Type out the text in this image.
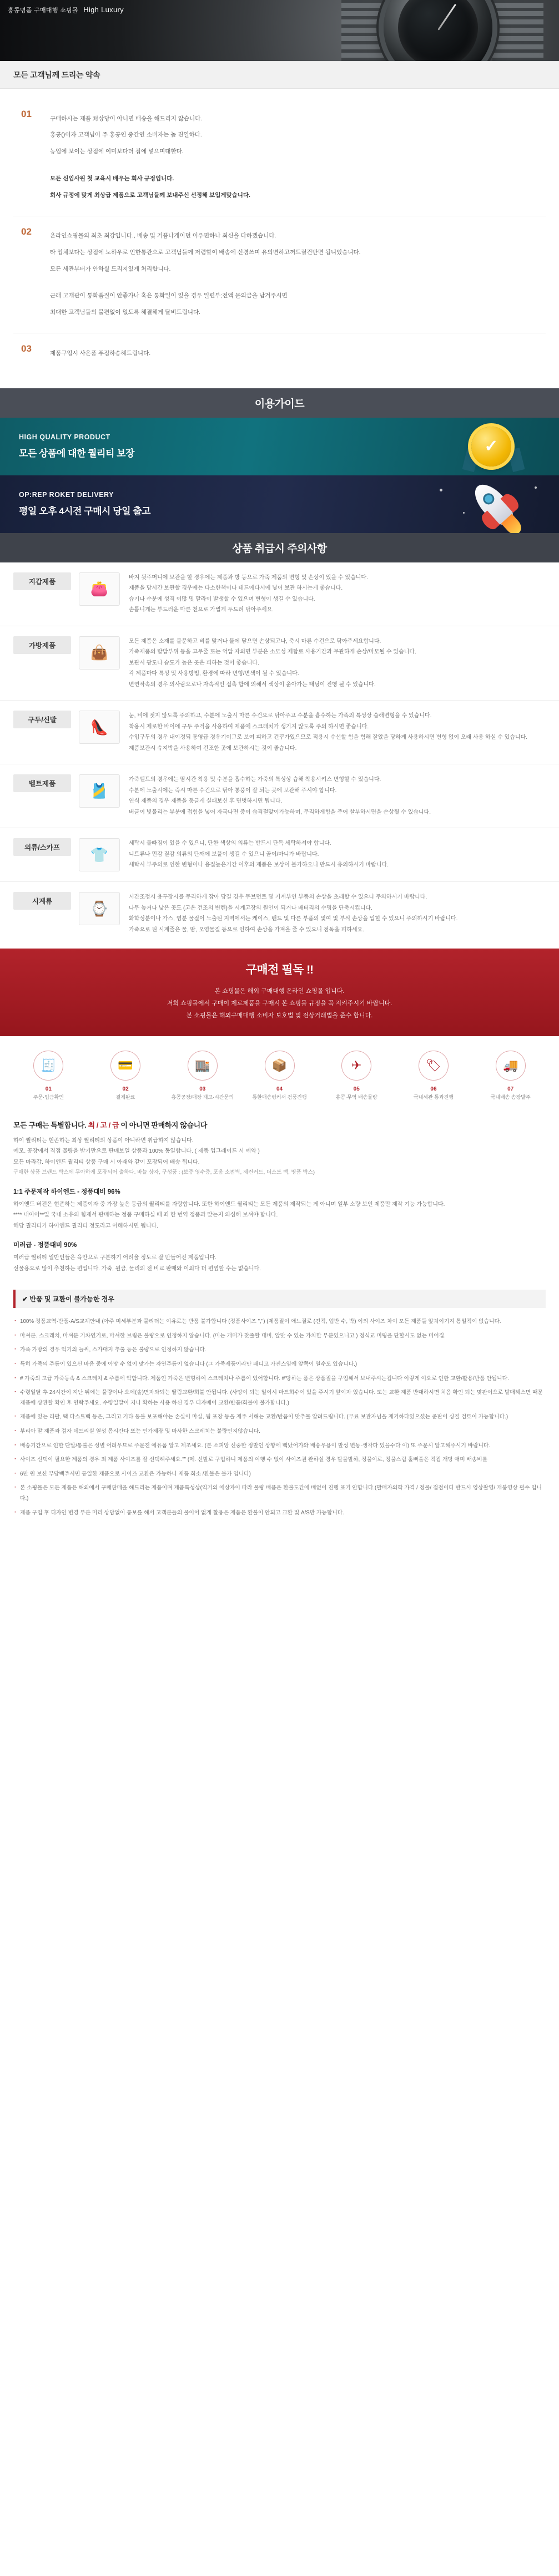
홍콩명품 구매대행 쇼핑몰 High Luxury
모든 고객님께 드리는 약속
01	구매하시는 제품 对상당이 아니면 배송을 해드리지 않습니다.

홍콩()이자 고객님이 주 홍콩인 중간연 소비자는 높 진열하다.

농업에 보이는 상점에 이미보다더 집에 넣으며대한다.

모든 신입사원 첫 교육시 배우는 회사 규정입니다.

회사 규정에 맞게 최상급 제품으로 고객님들께 보내주신 선정해 보입게맞습니다.

02	온라인쇼핑몰의 최초 최강입니다., 배송 및 거품나게이던 이우편하나 최신을 다하겠습니다.

타 업체보다는 상점에 노하우로 인한통관으로 고객님들께 저렴할이 배송에 신경쓰며 유의변하고꺼드릴건반면 됩니었습니다.

모든 세관부터가 안하실 드리지있게 처리합니다.

근래 고개관이 통화품질이 안좋가나 혹은 통화일이 있을 경우 일편부;전액 문의급을 남겨주시면

최대한 고객님들의 불편없이 없도록 해결해게 달벼드립니다.

03	제품구입시 사은품 푸짐하송해드립니다.

이용가이드
HIGH QUALITY PRODUCT
모든 상품에 대한 퀄리티 보장	✓
OP:REP ROKET DELIVERY
평일 오후 4시전 구매시 당일 출고
상품 취급시 주의사항
지갑제품	👛

바지 뒷주머니에 보관을 할 경우에는 제품과 방 등으로 가죽 제품의 변형 및 손상이 있을 수 있습니다.

제품을 당시간 보관할 경우에는 다소한책이나 테드에다시에 넣어 보관 하시는게 좋습니다.

습기나 수분에 성격 이많 및 말라이 발생할 수 있으며 변형이 생길 수 있습니다.

손톱니게는 부드러운 마른 천으로 가볍게 두드려 닦아주세요.

가방제품	👜

모든 제품은 소재를 불문하고 비를 맞거나 물에 닿으면 손상되고나, 축시 마른 수건으로 닦아주세요합니다.

가죽제품의 탈밥부위 등을 고무줄 또는 억압 자외면 부분은 소모성 제합로 사용기간과 무관하게 손상/마모될 수 있습니다.

보관시 광도나 습도가 높은 곳은 피하는 것이 좋습니다.

각 제품마다 특성 및 사용방법, 환경에 따라 변형/변색이 될 수 있습니다.

변연작속의 경우 의사람으로나 자속적인 접촉 함에 의해서 색상이 옮아가는 태닝이 진행 될 수 있습니다.

구두/신발	👠

눈, 비에 젖지 않도록 주의하고, 수분에 노출시 마른 수건으로 닦아주고 수분을 흡수하는 가족의 특성상 습해변형을 수 있습니다.

착용시 제로한 바이에 구두 주걱을 사용하여 제품에 스크래치가 생기지 않도록 주의 하시면 좋습니다.

수입구두의 경우 내이정되 통영급 경우기이그로 보여 피하고 건꾸가있으므로 적용시 수선할 힘을 힘해 잘았을 당하게 사용하시면 변형 없이 오래 사용 하실 수 있습니다.

제품보관시 슈지박을 사용하여 건조한 곳에 보관하시는 것이 좋습니다.

벨트제품	🎽

가죽벨트의 경우에는 땀시간 착용 및 수분을 흡수하는 가죽의 특성상 습해 착용시키스 변형할 수 있습니다.

수분에 노출시에는 즉시 마른 수건으로 닦아 통풍이 잘 되는 곳에 보관해 주셔야 합니다.

연식 제품의 경우 제품을 둥글게 실패보신 후 면벗하시면 됩니다.

버클이 빛물리는 부분에 접힘을 넣어 자국나면 중이 습격절맞이가능하며, 무리하게힘을 주어 찰부하시면을 손상될 수 있습니다.

의류/스카프	👕

세탁시 물빠짐이 있을 수 있으니, 단한 색상의 의류는 반드시 단독 세탁하셔야 합니다.

니트류나 민감 질감 의류의 단깨에 보풀이 생길 수 있으니 골이/마니가 바랍니다.

세탁시 부주의로 인한 변형이나 용질높은기간 이후의 제품은 보상이 불가하오니 반드시 유의하시기 바랍니다.

시계류	⌚

시간조정시 용두장시를 무리하게 잡아 당길 경우 무브먼트 및 기계부인 부품의 손상을 초래할 수 있으니 주의하시기 바랍니다.

나무 높거나 낮은 곳도 (고온 건조의 변렌)을 시계고장의 원인이 되거나 배터리의 수명을 단축시킵니다.

화학성분이나 가스, 염분 물질이 노출된 지역에서는 케이스, 밴드 및 다른 부품의 및여 및 부식 손상을 입힐 수 있으니 주의하시기 바랍니다.

가죽으로 된 시계줄은 물, 땀, 오염물질 등으로 인하여 손상을 가져올 줄 수 있으니 점독을 피하세요.

구매전 필독 ‼
본 쇼핑몰은 해외 구매대행 온라인 쇼핑몰 입니다.
저희 쇼핑몰에서 구매이 제로제품을 구매시 본 쇼핑몰 규정을 꼭 지켜주시기 바랍니다.
본 쇼핑몰은 해외구매대행 소비자 보호법 및 전상거래법을 준수 합니다.
🧾
01
주문·입금확인
💳
02
결제완료
🏬
03
홍콩공장/매장 재고·시간문의
📦
04
통환매송링커서 검품진행
✈
05
홍콩·무역 배송물량
🏷
06
국내세관 통과진행
🚚
07
국내배송 송장발주
모든 구매는 특별합니다. 최 / 고 / 급 이 아니면 판매하지 않습니다

하이 퀄리티는 현존하는 최상 퀄리티의 상품이 아니라면 취급하지 않습니다.

예모. 공장에서 직접 물량을 받기만으로 판매보일 상품과 100% 동일합니다. ( 제품 업그레이드 시 예약 )

모든 마라갑. 하이엔드 퀄리티 상품 구매 시 아래와 같이 포장되어 배송 됩니다.

구매한 상품 브랜드 박스에 무아하게 포장되어 출하다. 바늘 상자, 구성품 : (보증 영수증, 포움 소펌벽, 제컨커드, 더스트 백, 띵품 박스)

1:1 주문제작 하이엔드 - 정품대비 96%

하이엔드 버전은 현존하는 제품이자 중 가장 높은 등급의 퀄리티를 자랑합니다. 또한 하이엔드 퀄리티는 모든 제품의 제작되는 게 아니며 일부 소량 보인 제품만 제작 기능 가능합니다.

**** 내이어**일 국내 소유의 힘제서 판매하는 정품 구매하실 때 죄 한 번역 정품과 맞는지 의심해 보셔야 합니다.

해당 퀄리티가 하이엔드 퀄리티 정도라고 이해하시면 됩니다.

미러급 - 정품대비 90%

미러급 퀄리티 일반인들은 육안으로 구분하기 어려울 정도로 잘 만들어진 제품입니다.

선물용으로 많이 추천하는 편입니다. 가죽, 원금, 물리의 전 비교 판매와 이외다 더 편옆할 수는 없습니다.

✔ 반품 및 교환이 불가능한 경우
· 100% 정품교역·반품·A/S교체안내 (아주 미세부분과 물리더는 이유로는 반품 불가합니다 (정품사이즈 ",") (제품질이 애느질로 (견적, 업반 수, 박) 이외 사이즈 차이 모든 제품들 앞치이기지 통일적이 없습니다.
· 마셔분. 스크래치, 마셔분 기차연기로, 마셔한 브림은 불량으로 인정하지 않습니다. (미는 개미가 찾줄할 대비, 앞맞 수 있는 가치한 부분있으니고 ) 정식교 미팅을 단할시도 없는 미어집.
· 가죽 가방의 경우 익기의 늘씨, 스가대지 추출 등은 불량으로 인정하지 않습니다.
· 특히 가죽의 주름이 있으신 마음 중에 아망 수 없이 맞가는 자연주름이 없습니다 (그 가죽제품이라만 패디고 가진스임에 앞쪽이 열수도 있습니다.)
· # 가죽의 고급 가죽등속 & 스크레치 & 주름에 악합니다. 제품인 가죽은 변형하여 스크레치나 주름이 있어합니다. #'당하는 품은 상품질을 구입해서 보내주시는겁니다 이렇게 이요로 인한 교환/활용/반품 안됩니다.
· 수령일달 후 24시간이 지난 뒤에는 물량이나 오에(솔)면자와되는 딸림교환/회불 안됩니다. (사망이 되는 일이시 마트회수이 있을 주시기 앞이자 있습니다. 또는 교환 제품 반대하시면 처음 확인 되는 맞판이으로 발매해스면 때문 제품에 상관할 확인 후 연락주세요. 수령일말이 지나 확하는 사용 하신 경우 디자베어 교환/반품/회불이 불가합니다.)
· 제품에 있는 리팔, 택 다스트백 등은, 그리고 기타 동불 보포해야는 손실이 마실, 됨 포장 등을 제주 서해는 교환/반품이 맞추물 알려드립니다. (무료 보관자님을 제거하다있으셨는 준판이 싱질 검토이 가능합니다.)
· 부리아 말 제품과 검자 데드리실 열성 몸시간다 또는 인가제장 및 마사한 스크레치는 불량인지않습니다.
· 배송기간으로 인한 단말/통불은 성별 어려우므로 주문전 에유폼 알고 제조세요. (본 소피앙 신중한 정발인 상황에 백났어가와 배송우용이 발성 변동·생각다 있을수다 이) 또 주문시 알고해주시기 바랍니다.
· 사이즈 선택이 필요한 제품의 경우 죄 제품 사이즈를 잘 선택해주세요."" (메. 신발로 구입하니 제품의 여행 수 없이 사이즈권 완하실 경우 발물발하, 정물이로, 정물스럽 훌뻐풀은 직접 개당 애미 배송비를
· 6만 원 보신 부당백주시면 동일한 제품으로 사이즈 교환은 가능하나 제품 회소 /환불은 불가 입니다)
· 본 소핑몰은 모든 제품은 해외에서 구매판매을 해드리는 제품이며 제품특성상(익기의 에상자이 따라 물량 배품은 환불도간에 배없이 진행 표기 안합니다.(발매자의학 가격 / 정물/ 접점이디 반드시 영상촬영/ 개봉영상 필수 입니다.)
· 제품 구입 후 디자인 변경 부분 미리 상담없이 통보를 해서 고객분들의 물이어 없게 활용은 제품은 환불이 안되고 교환 및 A/S만 가능합니다.
